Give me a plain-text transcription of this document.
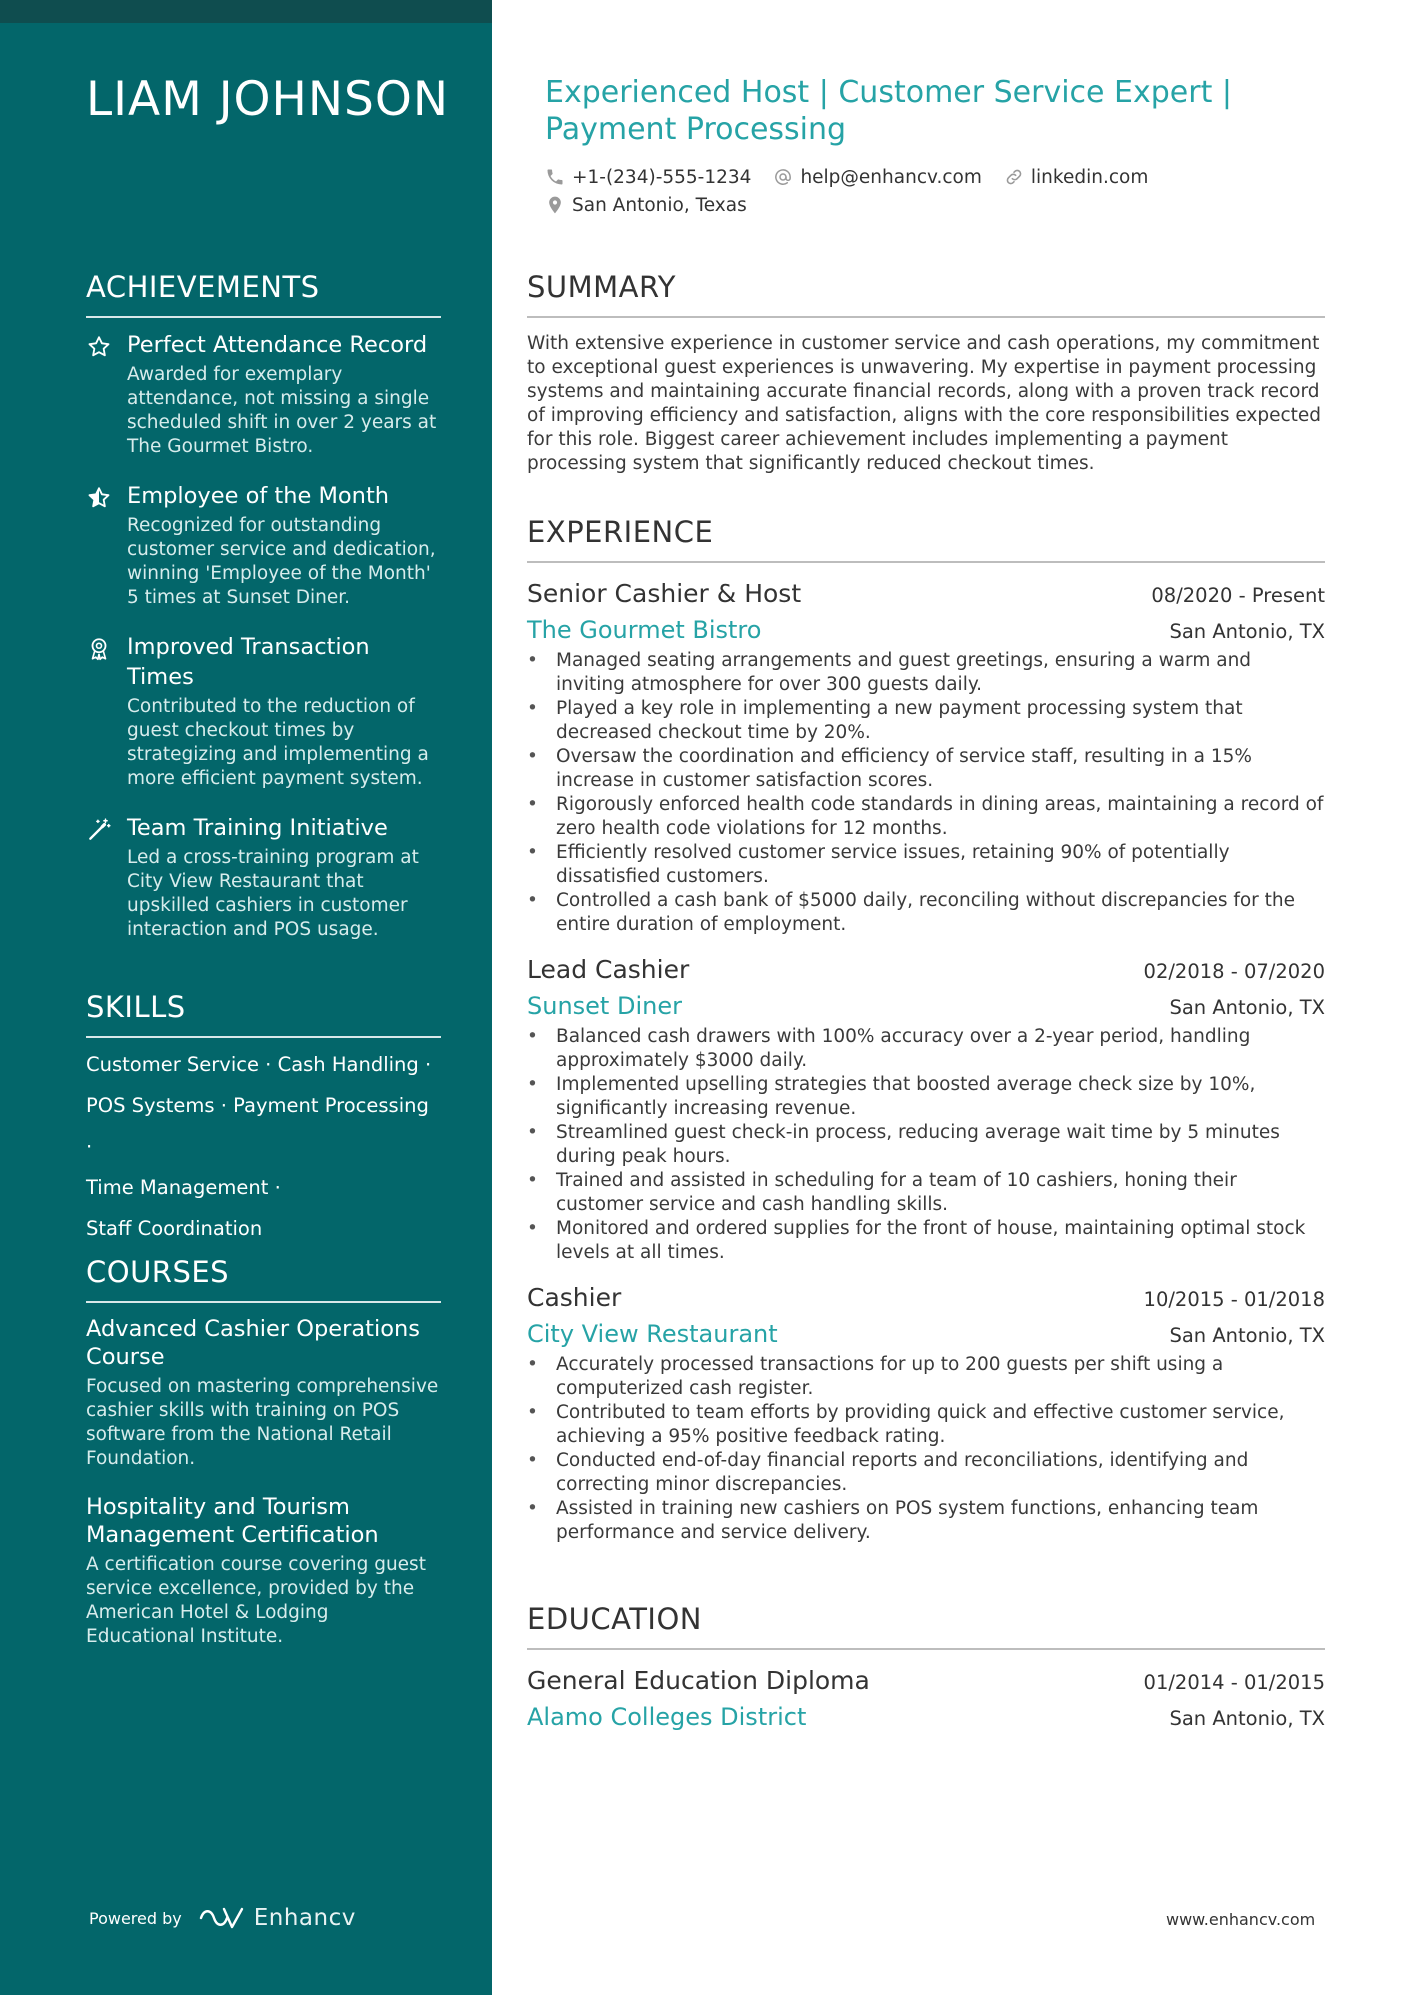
LIAM JOHNSON
ACHIEVEMENTS
Perfect Attendance Record
Awarded for exemplary attendance, not missing a single scheduled shift in over 2 years at The Gourmet Bistro.
Employee of the Month
Recognized for outstanding customer service and dedication, winning 'Employee of the Month' 5 times at Sunset Diner.
Improved Transaction Times
Contributed to the reduction of guest checkout times by strategizing and implementing a more efficient payment system.
Team Training Initiative
Led a cross-training program at City View Restaurant that upskilled cashiers in customer interaction and POS usage.
SKILLS
Customer Service · Cash Handling ·
POS Systems · Payment Processing ·
Time Management ·
Staff Coordination
COURSES
Advanced Cashier Operations Course
Focused on mastering comprehensive cashier skills with training on POS software from the National Retail Foundation.
Hospitality and Tourism Management Certification
A certification course covering guest service excellence, provided by the American Hotel & Lodging Educational Institute.
Powered by	Enhancv
Experienced Host | Customer Service Expert | Payment Processing
+1-(234)-555-1234	help@enhancv.com	linkedin.com
San Antonio, Texas
SUMMARY
With extensive experience in customer service and cash operations, my commitment to exceptional guest experiences is unwavering. My expertise in payment processing systems and maintaining accurate financial records, along with a proven track record of improving efficiency and satisfaction, aligns with the core responsibilities expected for this role. Biggest career achievement includes implementing a payment processing system that significantly reduced checkout times.
EXPERIENCE
Senior Cashier & Host	08/2020 - Present
The Gourmet Bistro	San Antonio, TX
• Managed seating arrangements and guest greetings, ensuring a warm and inviting atmosphere for over 300 guests daily.
• Played a key role in implementing a new payment processing system that decreased checkout time by 20%.
• Oversaw the coordination and efficiency of service staff, resulting in a 15% increase in customer satisfaction scores.
• Rigorously enforced health code standards in dining areas, maintaining a record of zero health code violations for 12 months.
• Efficiently resolved customer service issues, retaining 90% of potentially dissatisfied customers.
• Controlled a cash bank of $5000 daily, reconciling without discrepancies for the entire duration of employment.
Lead Cashier	02/2018 - 07/2020
Sunset Diner	San Antonio, TX
• Balanced cash drawers with 100% accuracy over a 2-year period, handling approximately $3000 daily.
• Implemented upselling strategies that boosted average check size by 10%, significantly increasing revenue.
• Streamlined guest check-in process, reducing average wait time by 5 minutes during peak hours.
• Trained and assisted in scheduling for a team of 10 cashiers, honing their customer service and cash handling skills.
• Monitored and ordered supplies for the front of house, maintaining optimal stock levels at all times.
Cashier	10/2015 - 01/2018
City View Restaurant	San Antonio, TX
• Accurately processed transactions for up to 200 guests per shift using a computerized cash register.
• Contributed to team efforts by providing quick and effective customer service, achieving a 95% positive feedback rating.
• Conducted end-of-day financial reports and reconciliations, identifying and correcting minor discrepancies.
• Assisted in training new cashiers on POS system functions, enhancing team performance and service delivery.
EDUCATION
General Education Diploma	01/2014 - 01/2015
Alamo Colleges District	San Antonio, TX
www.enhancv.com
